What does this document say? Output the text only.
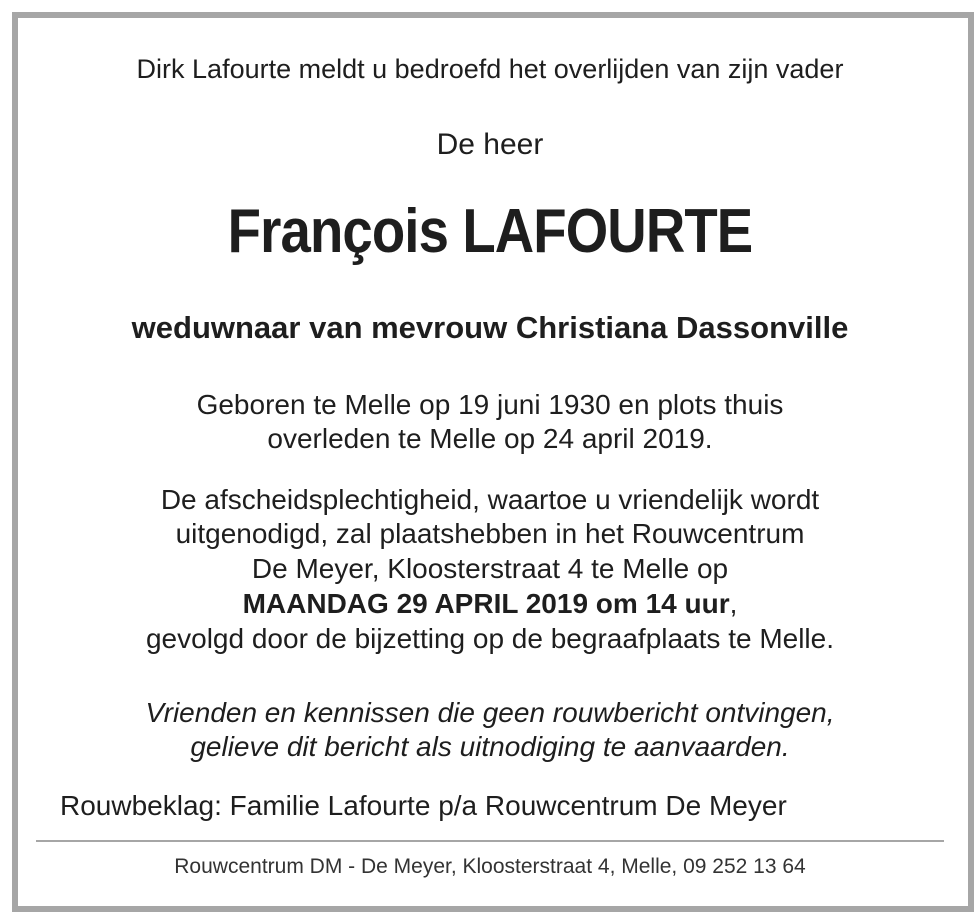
Dirk Lafourte meldt u bedroefd het overlijden van zijn vader
De heer
François LAFOURTE
weduwnaar van mevrouw Christiana Dassonville
Geboren te Melle op 19 juni 1930 en plots thuis
overleden te Melle op 24 april 2019.
De afscheidsplechtigheid, waartoe u vriendelijk wordt
uitgenodigd, zal plaatshebben in het Rouwcentrum
De Meyer, Kloosterstraat 4 te Melle op
MAANDAG 29 APRIL 2019 om 14 uur,
gevolgd door de bijzetting op de begraafplaats te Melle.
Vrienden en kennissen die geen rouwbericht ontvingen,
gelieve dit bericht als uitnodiging te aanvaarden.
Rouwbeklag: Familie Lafourte p/a Rouwcentrum De Meyer
Rouwcentrum DM - De Meyer, Kloosterstraat 4, Melle, 09 252 13 64
